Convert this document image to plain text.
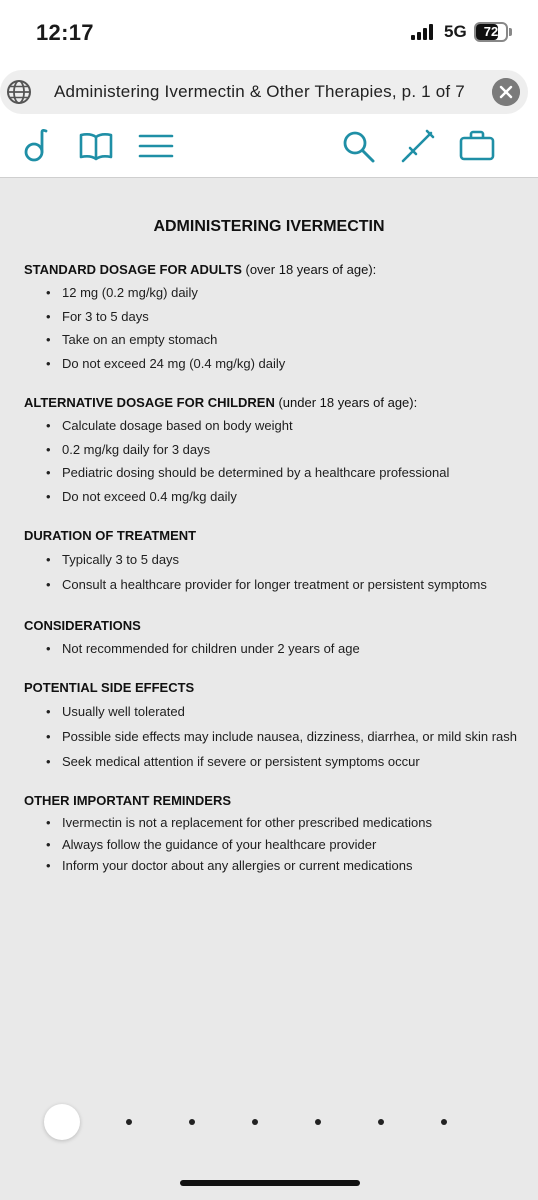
12:17	5G	72
Administering Ivermectin & Other Therapies, p. 1 of 7
ADMINISTERING IVERMECTIN
STANDARD DOSAGE FOR ADULTS (over 18 years of age):
• 12 mg (0.2 mg/kg) daily
• For 3 to 5 days
• Take on an empty stomach
• Do not exceed 24 mg (0.4 mg/kg) daily
ALTERNATIVE DOSAGE FOR CHILDREN (under 18 years of age):
• Calculate dosage based on body weight
• 0.2 mg/kg daily for 3 days
• Pediatric dosing should be determined by a healthcare professional
• Do not exceed 0.4 mg/kg daily
DURATION OF TREATMENT
• Typically 3 to 5 days
• Consult a healthcare provider for longer treatment or persistent symptoms
CONSIDERATIONS
• Not recommended for children under 2 years of age
POTENTIAL SIDE EFFECTS
• Usually well tolerated
• Possible side effects may include nausea, dizziness, diarrhea, or mild skin rash
• Seek medical attention if severe or persistent symptoms occur
OTHER IMPORTANT REMINDERS
• Ivermectin is not a replacement for other prescribed medications
• Always follow the guidance of your healthcare provider
• Inform your doctor about any allergies or current medications
